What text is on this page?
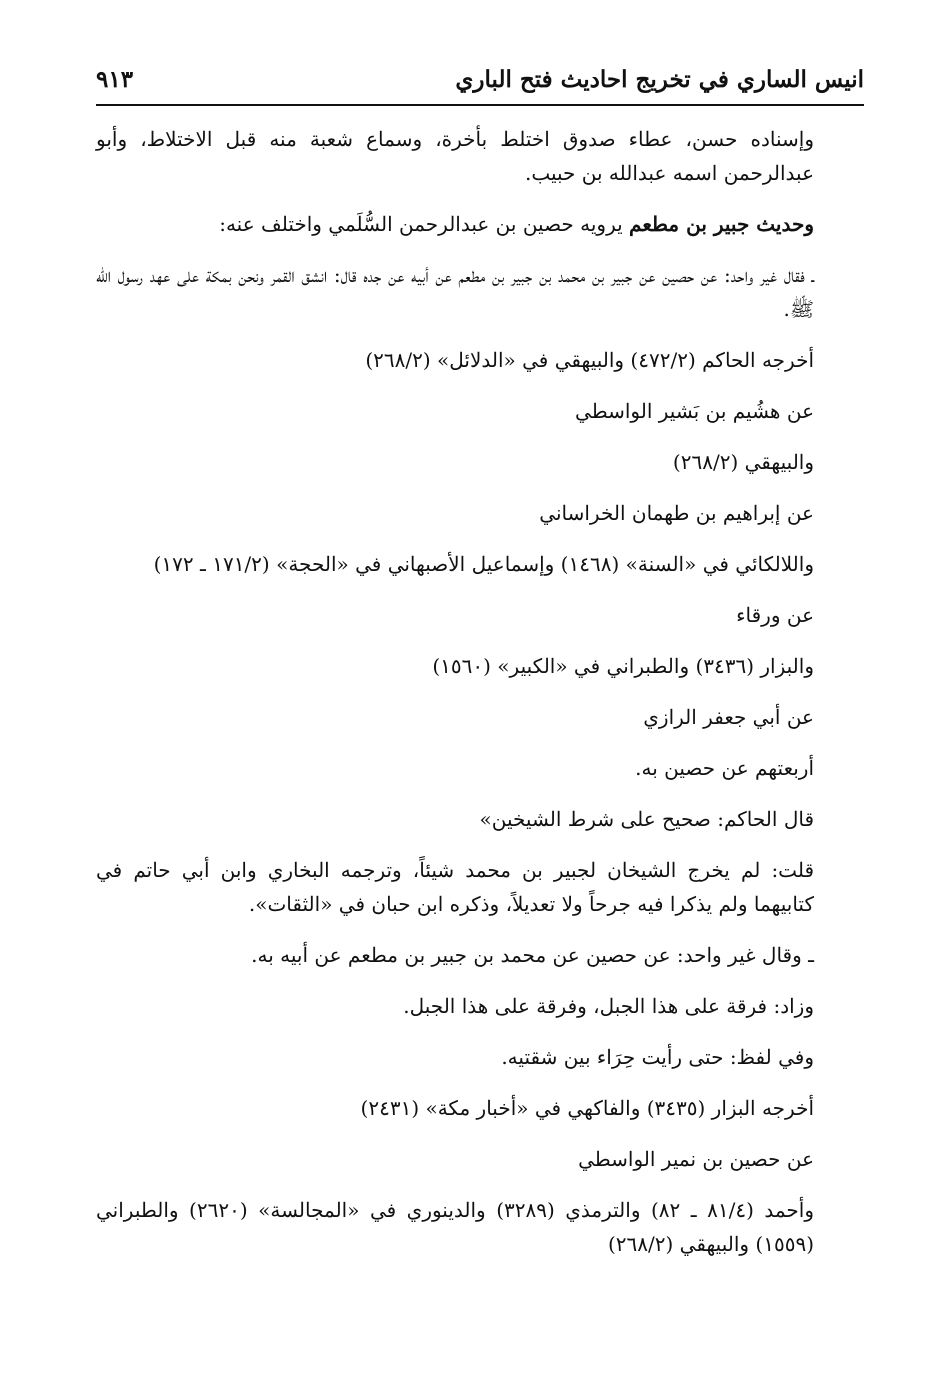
انيس الساري في تخريج احاديث فتح الباري
٩١٣

وإسناده حسن، عطاء صدوق اختلط بأخرة، وسماع شعبة منه قبل الاختلاط، وأبو عبدالرحمن اسمه عبدالله بن حبيب.

وحديث جبير بن مطعم يرويه حصين بن عبدالرحمن السُّلَمي واختلف عنه:

ـ فقال غير واحد: عن حصين عن جبير بن محمد بن جبير بن مطعم عن أبيه عن جده قال: انشق القمر ونحن بمكة على عهد رسول الله ﷺ.

أخرجه الحاكم (٤٧٢/٢) والبيهقي في «الدلائل» (٢٦٨/٢)

عن هشُيم بن بَشير الواسطي

والبيهقي (٢٦٨/٢)

عن إبراهيم بن طهمان الخراساني

واللالكائي في «السنة» (١٤٦٨) وإسماعيل الأصبهاني في «الحجة» (١٧١/٢ ـ ١٧٢)

عن ورقاء

والبزار (٣٤٣٦) والطبراني في «الكبير» (١٥٦٠)

عن أبي جعفر الرازي

أربعتهم عن حصين به.

قال الحاكم: صحيح على شرط الشيخين»

قلت: لم يخرج الشيخان لجبير بن محمد شيئاً، وترجمه البخاري وابن أبي حاتم في كتابيهما ولم يذكرا فيه جرحاً ولا تعديلاً، وذكره ابن حبان في «الثقات».

ـ وقال غير واحد: عن حصين عن محمد بن جبير بن مطعم عن أبيه به.

وزاد: فرقة على هذا الجبل، وفرقة على هذا الجبل.

وفي لفظ: حتى رأيت حِرَاء بين شقتيه.

أخرجه البزار (٣٤٣٥) والفاكهي في «أخبار مكة» (٢٤٣١)

عن حصين بن نمير الواسطي

وأحمد (٨١/٤ ـ ٨٢) والترمذي (٣٢٨٩) والدينوري في «المجالسة» (٢٦٢٠) والطبراني (١٥٥٩) والبيهقي (٢٦٨/٢)
